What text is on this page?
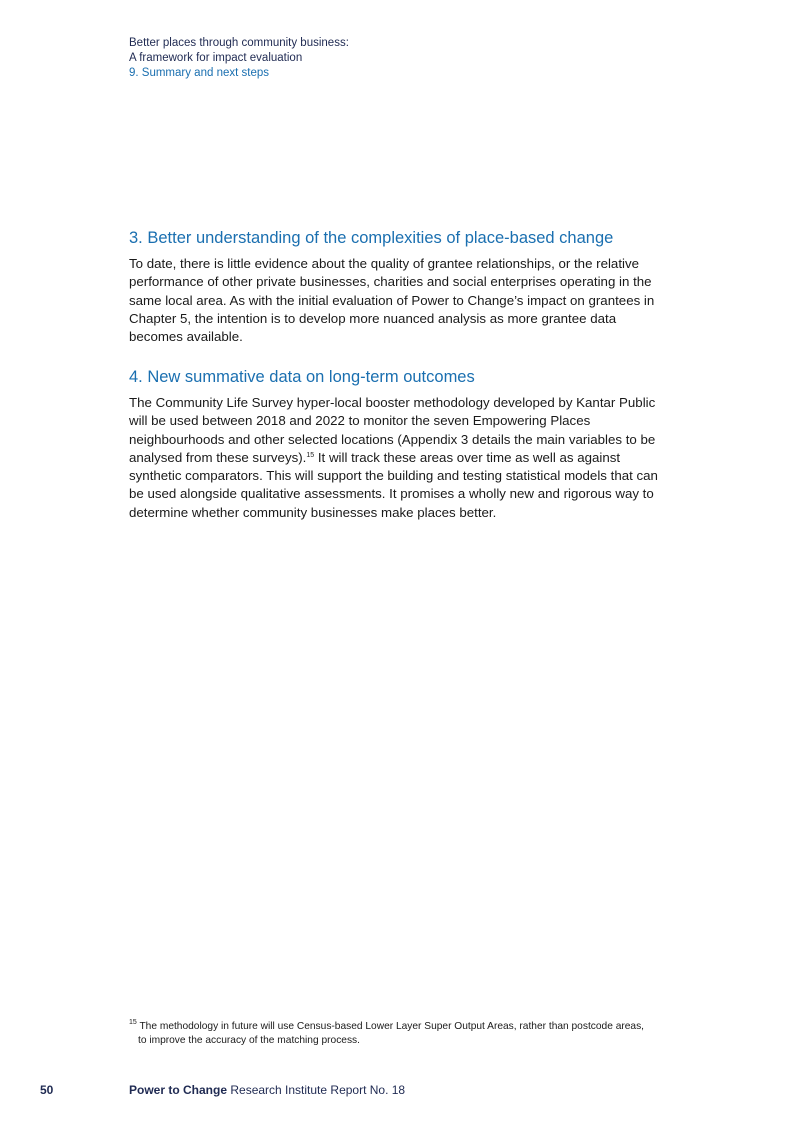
Better places through community business:
A framework for impact evaluation
9. Summary and next steps
3. Better understanding of the complexities of place-based change

To date, there is little evidence about the quality of grantee relationships, or the relative performance of other private businesses, charities and social enterprises operating in the same local area. As with the initial evaluation of Power to Change’s impact on grantees in Chapter 5, the intention is to develop more nuanced analysis as more grantee data becomes available.

4. New summative data on long-term outcomes

The Community Life Survey hyper-local booster methodology developed by Kantar Public will be used between 2018 and 2022 to monitor the seven Empowering Places neighbourhoods and other selected locations (Appendix 3 details the main variables to be analysed from these surveys).$^{15}$ It will track these areas over time as well as against synthetic comparators. This will support the building and testing statistical models that can be used alongside qualitative assessments. It promises a wholly new and rigorous way to determine whether community businesses make places better.

$^{15}$ The methodology in future will use Census-based Lower Layer Super Output Areas, rather than postcode areas, to improve the accuracy of the matching process.
50	Power to Change Research Institute Report No. 18
